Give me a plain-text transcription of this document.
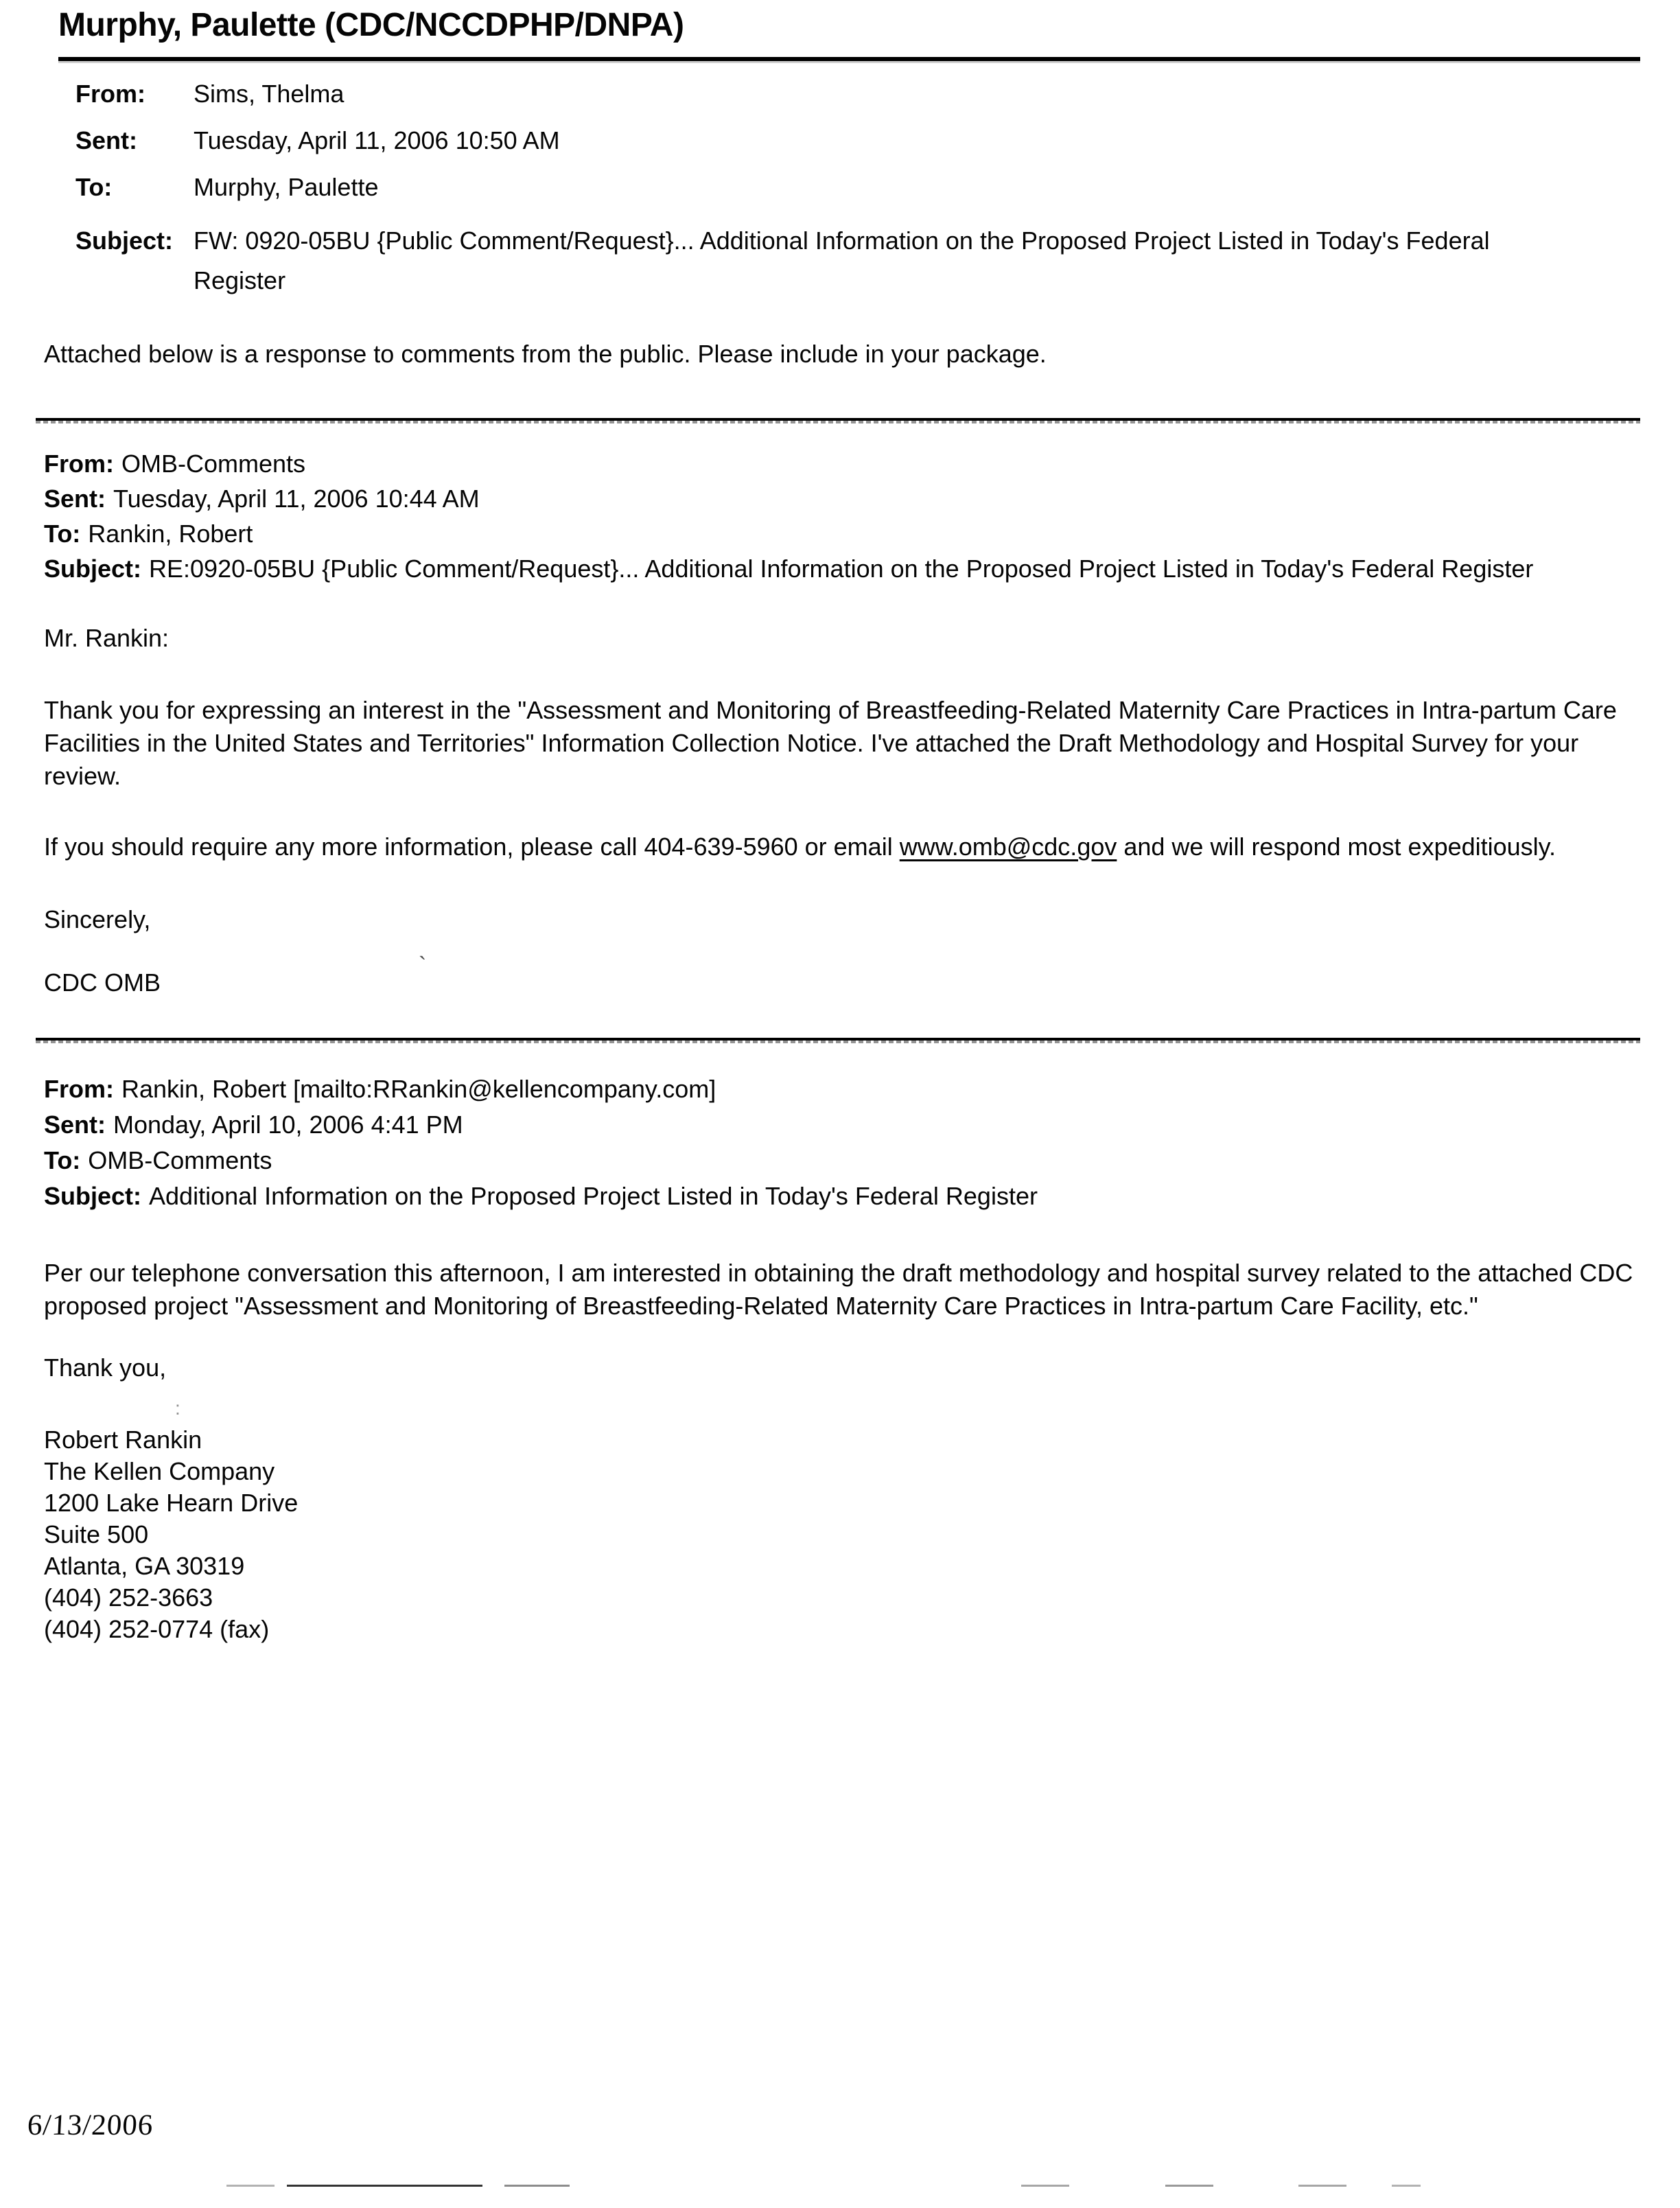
Murphy, Paulette (CDC/NCCDPHP/DNPA)
From:	Sims, Thelma
Sent:	Tuesday, April 11, 2006 10:50 AM
To:	Murphy, Paulette
Subject: FW: 0920-05BU {Public Comment/Request}... Additional Information on the Proposed Project Listed in Today's Federal Register

Attached below is a response to comments from the public. Please include in your package.

From: OMB-Comments

Sent: Tuesday, April 11, 2006 10:44 AM

To: Rankin, Robert

Subject: RE:0920-05BU {Public Comment/Request}... Additional Information on the Proposed Project Listed in Today's Federal Register

Mr. Rankin:

Thank you for expressing an interest in the "Assessment and Monitoring of Breastfeeding-Related Maternity Care Practices in Intra-partum Care Facilities in the United States and Territories" Information Collection Notice. I've attached the Draft Methodology and Hospital Survey for your review.

If you should require any more information, please call 404-639-5960 or email www.omb@cdc.gov and we will respond most expeditiously.

Sincerely,

CDC OMB

From: Rankin, Robert [mailto:RRankin@kellencompany.com]

Sent: Monday, April 10, 2006 4:41 PM

To: OMB-Comments

Subject: Additional Information on the Proposed Project Listed in Today's Federal Register

Per our telephone conversation this afternoon, I am interested in obtaining the draft methodology and hospital survey related to the attached CDC proposed project "Assessment and Monitoring of Breastfeeding-Related Maternity Care Practices in Intra-partum Care Facility, etc."

Thank you,

Robert Rankin

The Kellen Company

1200 Lake Hearn Drive

Suite 500

Atlanta, GA 30319

(404) 252-3663

(404) 252-0774 (fax)

`
:
6/13/2006
